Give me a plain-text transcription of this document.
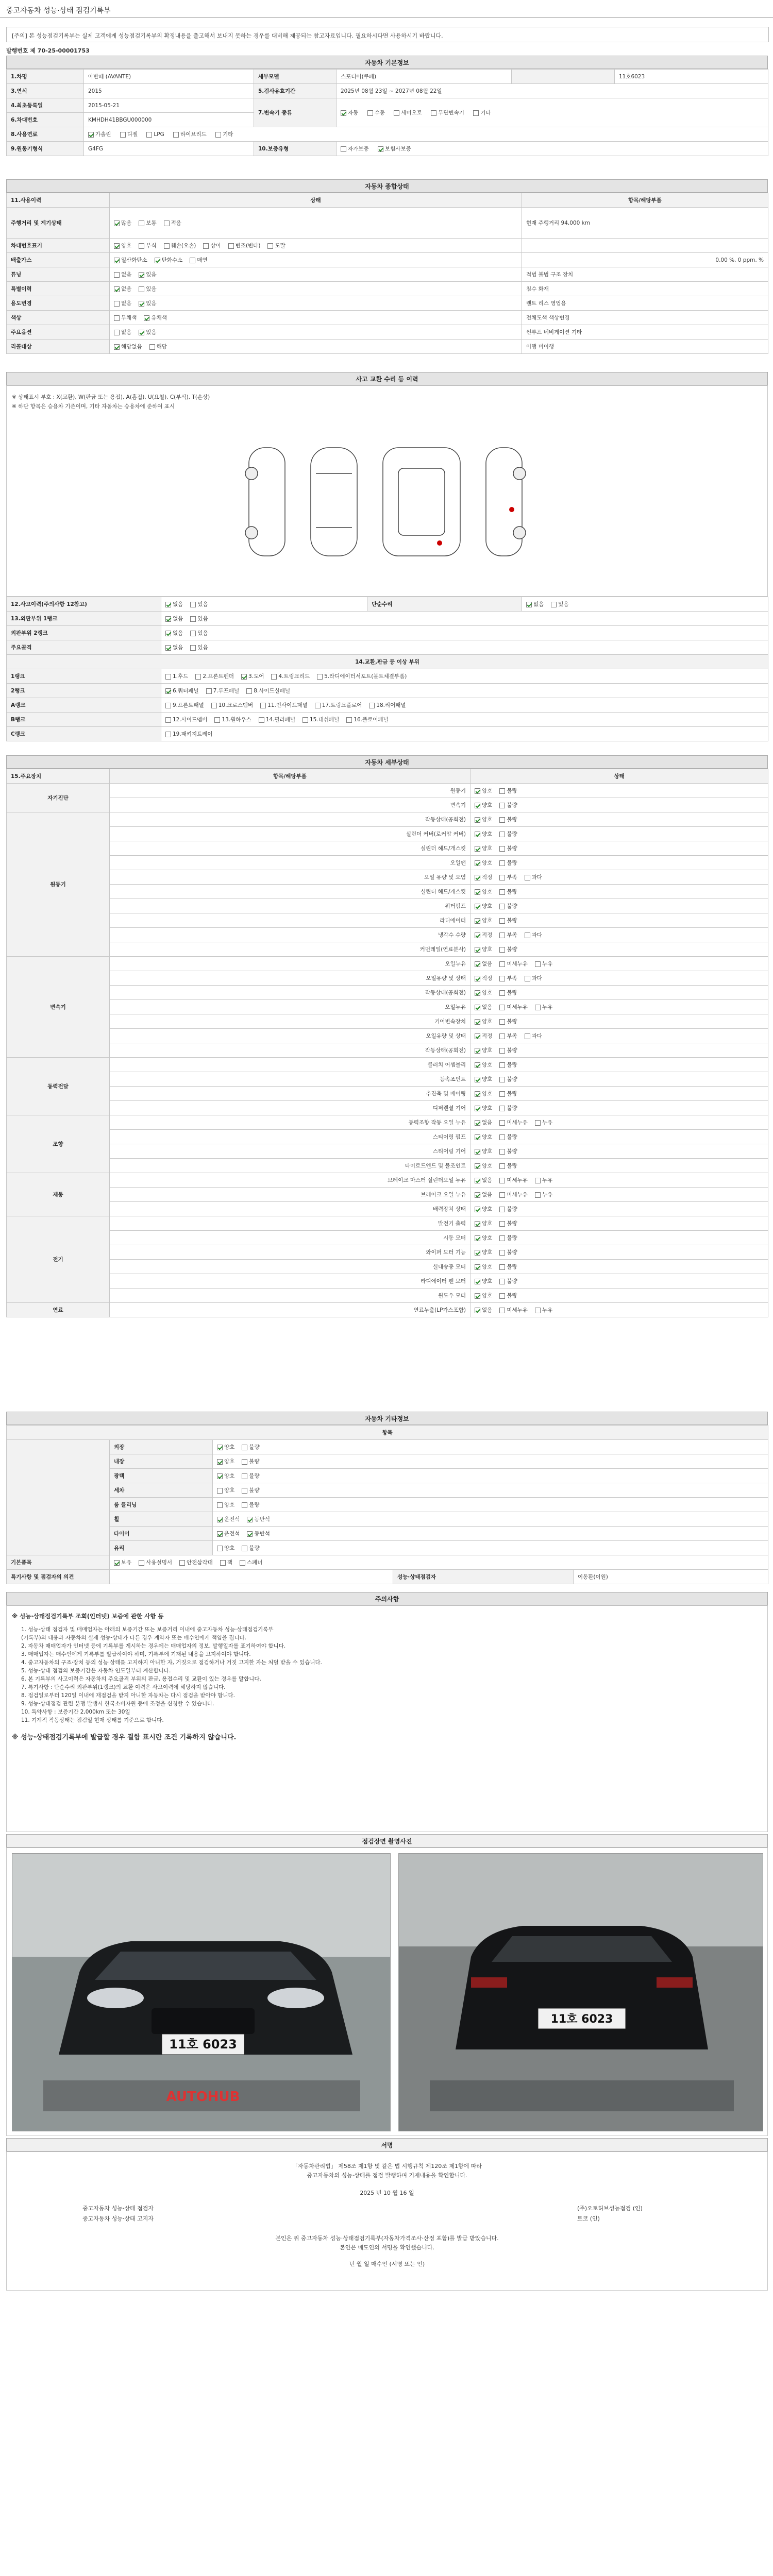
중고자동차 성능·상태 점검기록부
[주의] 본 성능점검기록부는 실제 고객에게 성능점검기록부의 확정내용을 출고해서 보내지 못하는 경우를 대비해 제공되는 참고자료입니다. 필요하시다면 사용하시기 바랍니다.
발행번호 제 70-25-00001753
자동차 기본정보
1.차명	아반떼 (AVANTE)	세부모델	스포티어(쿠페)		11호6023
3.연식	2015	5.검사유효기간	2025년 08월 23일 ~ 2027년 08월 22일		
4.최초등록일	2015-05-21	7.변속기 종류	자동 수동 세미오토 무단변속기 기타		
6.차대번호	KMHDH41BBGU000000				
8.사용연료	가솔린 디젤 LPG 하이브리드 기타				
9.원동기형식	G4FG	10.보증유형	자가보증 보험사보증		
자동차 종합상태
11.사용이력	상태	항목/해당부품
주행거리 및 계기상태	많음 보통 적음	현재 주행거리 94,000 km
차대번호표기	양호 부식 훼손(오손) 상이 변조(변타) 도말	
배출가스	일산화탄소 탄화수소 매연	0.00 %, 0 ppm, %
튜닝	없음 있음	적법 불법 구조 장치
특별이력	없음 있음	침수 화재
용도변경	없음 있음	렌트 리스 영업용
색상	무채색 유채색	전체도색 색상변경
주요옵션	없음 있음	썬루프 네비게이션 기타
리콜대상	해당없음 해당	이행 미이행
사고 교환 수리 등 이력
※ 상태표시 부호 : X(교환), W(판금 또는 용접), A(흠집), U(요철), C(부식), T(손상)
※ 하단 항목은 승용차 기준이며, 기타 자동차는 승용차에 준하여 표시
12.사고이력(주의사항 12참고)	없음 있음	단순수리	없음 있음
13.외판부위 1랭크	없음 있음		
외판부위 2랭크	없음 있음		
주요골격	없음 있음		
14.교환,판금 등 이상 부위			
1랭크	1.후드 2.프론트펜더 3.도어 4.트렁크리드 5.라디에이터서포트(볼트체결부품)		
2랭크	6.쿼터패널 7.루프패널 8.사이드실패널		
A랭크	9.프론트패널 10.크로스멤버 11.인사이드패널 17.트렁크플로어 18.리어패널		
B랭크	12.사이드멤버 13.휠하우스 14.필러패널 15.대쉬패널 16.플로어패널		
C랭크	19.패키지트레이		
자동차 세부상태
15.주요장치	항목/해당부품	상태
자기진단	원동기	양호 불량
	변속기	양호 불량
원동기	작동상태(공회전)	양호 불량
	실린더 커버(로커암 커버)	양호 불량
	실린더 헤드/개스킷	양호 불량
	오일팬	양호 불량
	오일 유량 및 오염	적정 부족 과다
	실린더 헤드/개스킷	양호 불량
	워터펌프	양호 불량
	라디에이터	양호 불량
	냉각수 수량	적정 부족 과다
	커먼레일(연료분사)	양호 불량
변속기	오일누유	없음 미세누유 누유
	오일유량 및 상태	적정 부족 과다
	작동상태(공회전)	양호 불량
	오일누유	없음 미세누유 누유
	기어변속장치	양호 불량
	오일유량 및 상태	적정 부족 과다
	작동상태(공회전)	양호 불량
동력전달	클러치 어셈블리	양호 불량
	등속조인트	양호 불량
	추진축 및 베어링	양호 불량
	디퍼렌셜 기어	양호 불량
조향	동력조향 작동 오일 누유	없음 미세누유 누유
	스티어링 펌프	양호 불량
	스티어링 기어	양호 불량
	타이로드엔드 및 볼조인트	양호 불량
제동	브레이크 마스터 실린더오일 누유	없음 미세누유 누유
	브레이크 오일 누유	없음 미세누유 누유
	배력장치 상태	양호 불량
전기	발전기 출력	양호 불량
	시동 모터	양호 불량
	와이퍼 모터 기능	양호 불량
	실내송풍 모터	양호 불량
	라디에이터 팬 모터	양호 불량
	윈도우 모터	양호 불량
연료	연료누출(LP가스포함)	없음 미세누유 누유
자동차 기타정보
항목				
	외장	양호 불량		
	내장	양호 불량		
	광택	양호 불량		
	세차	양호 불량		
	룸 클리닝	양호 불량		
	휠	운전석 동반석		
	타이어	운전석 동반석		
	유리	양호 불량		
기본품목	보유 사용설명서 안전삼각대 잭 스패너			
특기사항 및 점검자의 의견			성능·상태점검자	이동환(이원)
주의사항
※ 성능·상태점검기록부 조회(인터넷) 보증에 관한 사항 등
1. 성능·상태 점검자 및 매매업자는 아래의 보증기간 또는 보증거리 이내에 중고자동차 성능·상태점검기록부
(기록부)의 내용과 자동차의 실제 성능·상태가 다른 경우 계약자 또는 매수인에게 책임을 집니다.
2. 자동차 매매업자가 인터넷 등에 기록부를 게시하는 경우에는 매매업자의 정보, 발행일자를 표기하여야 합니다.
3. 매매업자는 매수인에게 기록부를 발급하여야 하며, 기록부에 기재된 내용을 고지하여야 합니다.
4. 중고자동차의 구조·장치 등의 성능·상태를 고지하지 아니한 자, 거짓으로 점검하거나 거짓 고지한 자는 처벌 받을 수 있습니다.
5. 성능·상태 점검의 보증기간은 자동차 인도일부터 계산합니다.
6. 본 기록부의 사고이력은 자동차의 주요골격 부위의 판금, 용접수리 및 교환이 있는 경우를 말합니다.
7. 특기사항 : 단순수리 외판부위(1랭크)의 교환 이력은 사고이력에 해당하지 않습니다.
8. 점검일로부터 120일 이내에 재점검을 받지 아니한 자동차는 다시 점검을 받아야 합니다.
9. 성능·상태점검 관련 분쟁 발생시 한국소비자원 등에 조정을 신청할 수 있습니다.
10. 특약사항 : 보증기간 2,000km 또는 30일
11. 기계적 작동상태는 점검일 현재 상태를 기준으로 합니다.
※ 성능·상태점검기록부에 발급할 경우 결함 표시란 조건 기록하지 않습니다.
점검장면 촬영사진
11호 6023
AUTOHUB
11호 6023
서명
「자동차관리법」 제58조 제1항 및 같은 법 시행규칙 제120조 제1항에 따라
중고자동차의 성능·상태를 점검 발행하며 기재내용을 확인합니다.
2025 년 10 월 16 일
중고자동차 성능·상태 점검자	(주)오토허브성능점검 (인)
중고자동차 성능·상태 고지자	토코 (인)
본인은 위 중고자동차 성능·상태점검기록부(자동차가격조사·산정 포함)를 발급 받았습니다.
본인은 매도인의 서명을 확인했습니다.
년 월 일 매수인 (서명 또는 인)
